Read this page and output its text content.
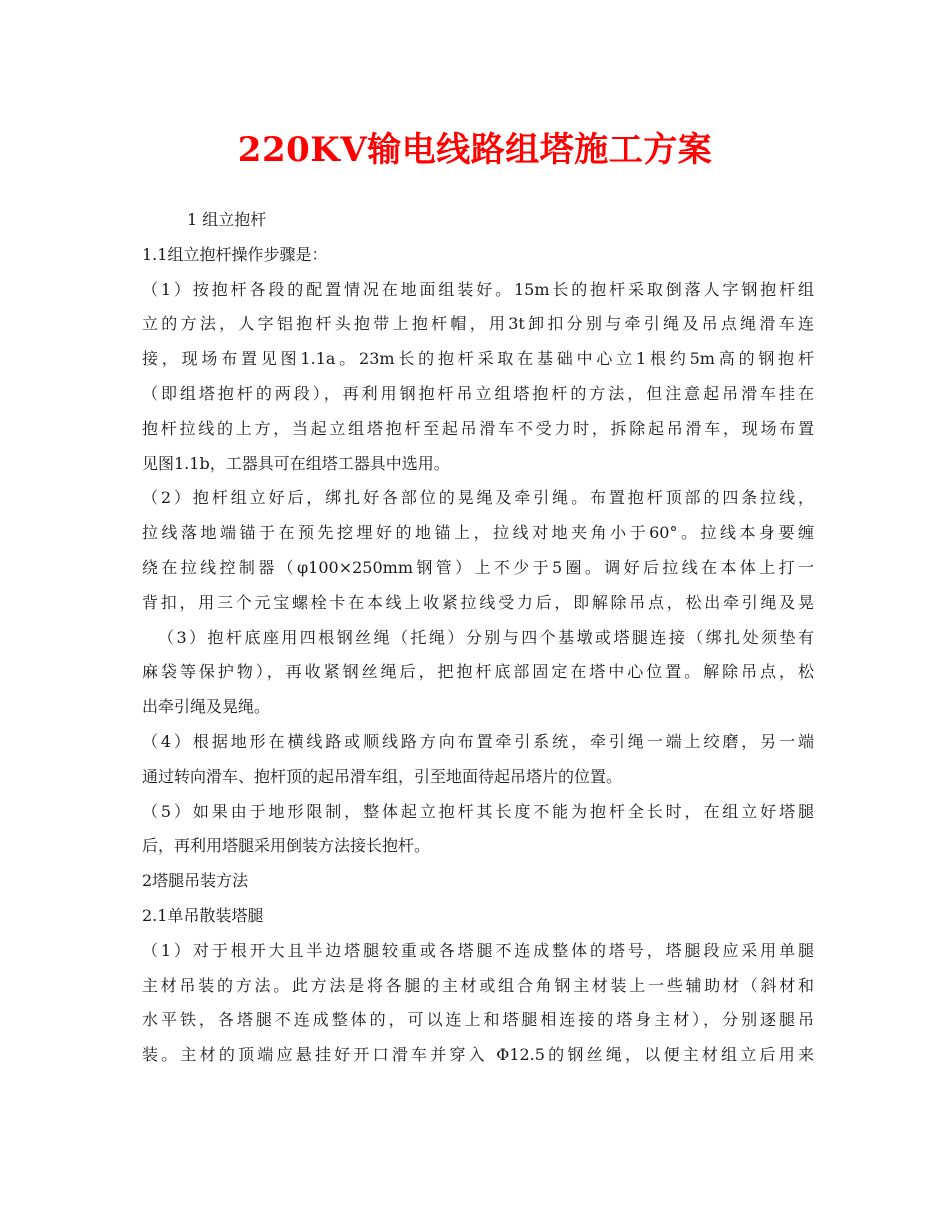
220KV输电线路组塔施工方案
1 组立抱杆
1.1组立抱杆操作步骤是：
（1）按抱杆各段的配置情况在地面组装好。15m长的抱杆采取倒落人字钢抱杆组
立的方法，人字铝抱杆头抱带上抱杆帽，用3t卸扣分别与牵引绳及吊点绳滑车连
接，现场布置见图1.1a。23m长的抱杆采取在基础中心立1根约5m高的钢抱杆
（即组塔抱杆的两段），再利用钢抱杆吊立组塔抱杆的方法，但注意起吊滑车挂在
抱杆拉线的上方，当起立组塔抱杆至起吊滑车不受力时，拆除起吊滑车，现场布置
见图1.1b，工器具可在组塔工器具中选用。
（2）抱杆组立好后，绑扎好各部位的晃绳及牵引绳。布置抱杆顶部的四条拉线，
拉线落地端锚于在预先挖埋好的地锚上，拉线对地夹角小于60°。拉线本身要缠
绕在拉线控制器（φ100×250mm钢管）上不少于5圈。调好后拉线在本体上打一
背扣，用三个元宝螺栓卡在本线上收紧拉线受力后，即解除吊点，松出牵引绳及晃
（3）抱杆底座用四根钢丝绳（托绳）分别与四个基墩或塔腿连接（绑扎处须垫有
麻袋等保护物），再收紧钢丝绳后，把抱杆底部固定在塔中心位置。解除吊点，松
出牵引绳及晃绳。
（4）根据地形在横线路或顺线路方向布置牵引系统，牵引绳一端上绞磨，另一端
通过转向滑车、抱杆顶的起吊滑车组，引至地面待起吊塔片的位置。
（5）如果由于地形限制，整体起立抱杆其长度不能为抱杆全长时，在组立好塔腿
后，再利用塔腿采用倒装方法接长抱杆。
2塔腿吊装方法
2.1单吊散装塔腿
（1）对于根开大且半边塔腿较重或各塔腿不连成整体的塔号，塔腿段应采用单腿
主材吊装的方法。此方法是将各腿的主材或组合角钢主材装上一些辅助材（斜材和
水平铁，各塔腿不连成整体的，可以连上和塔腿相连接的塔身主材），分别逐腿吊
装。主材的顶端应悬挂好开口滑车并穿入 Φ12.5的钢丝绳，以便主材组立后用来
